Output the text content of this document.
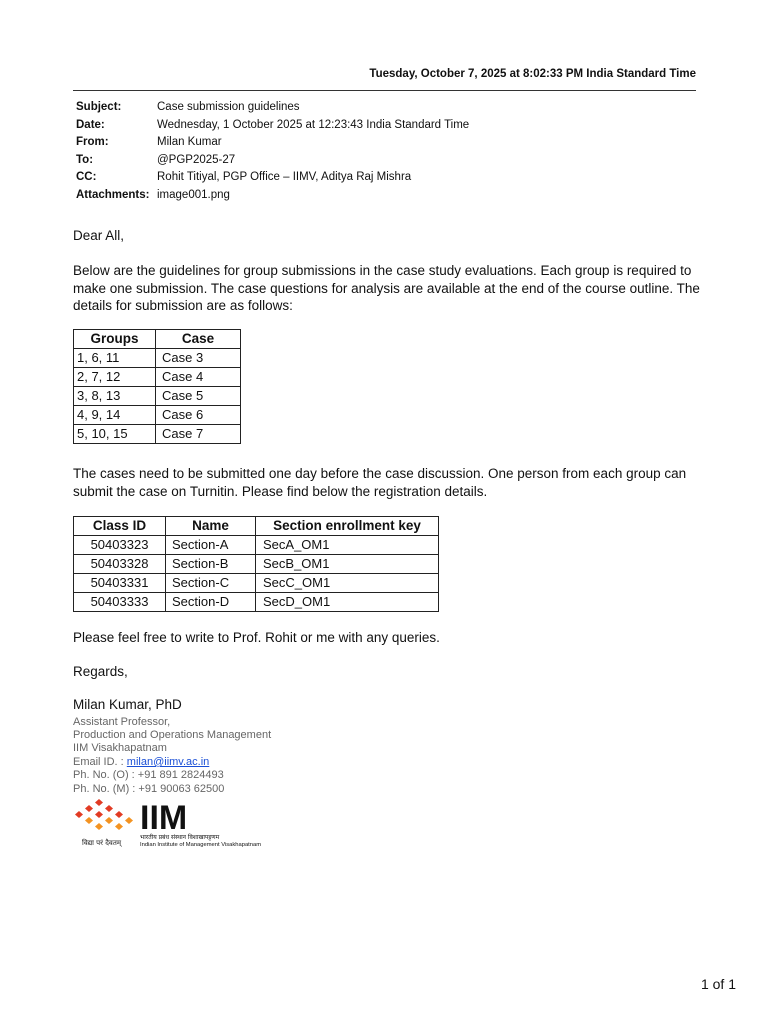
Tuesday, October 7, 2025 at 8:02:33 PM India Standard Time
Subject:	Case submission guidelines
Date:	Wednesday, 1 October 2025 at 12:23:43 India Standard Time
From:	Milan Kumar
To:	@PGP2025-27
CC:	Rohit Titiyal, PGP Office – IIMV, Aditya Raj Mishra
Attachments:	image001.png
Dear All,
Below are the guidelines for group submissions in the case study evaluations. Each group is required to make one submission. The case questions for analysis are available at the end of the course outline. The details for submission are as follows:
Groups	Case
1, 6, 11	Case 3
2, 7, 12	Case 4
3, 8, 13	Case 5
4, 9, 14	Case 6
5, 10, 15	Case 7
The cases need to be submitted one day before the case discussion. One person from each group can submit the case on Turnitin. Please find below the registration details.
Class ID	Name	Section enrollment key
50403323	Section-A	SecA_OM1
50403328	Section-B	SecB_OM1
50403331	Section-C	SecC_OM1
50403333	Section-D	SecD_OM1
Please feel free to write to Prof. Rohit or me with any queries.
Regards,
Milan Kumar, PhD
Assistant Professor,
Production and Operations Management
IIM Visakhapatnam
Email ID. : milan@iimv.ac.in
Ph. No. (O) : +91 891 2824493
Ph. No. (M) : +91 90063 62500
IIM
भारतीय प्रबंध संस्थान विशाखापट्टणम
Indian Institute of Management Visakhapatnam
विद्या परं दैवतम्
1 of 1
